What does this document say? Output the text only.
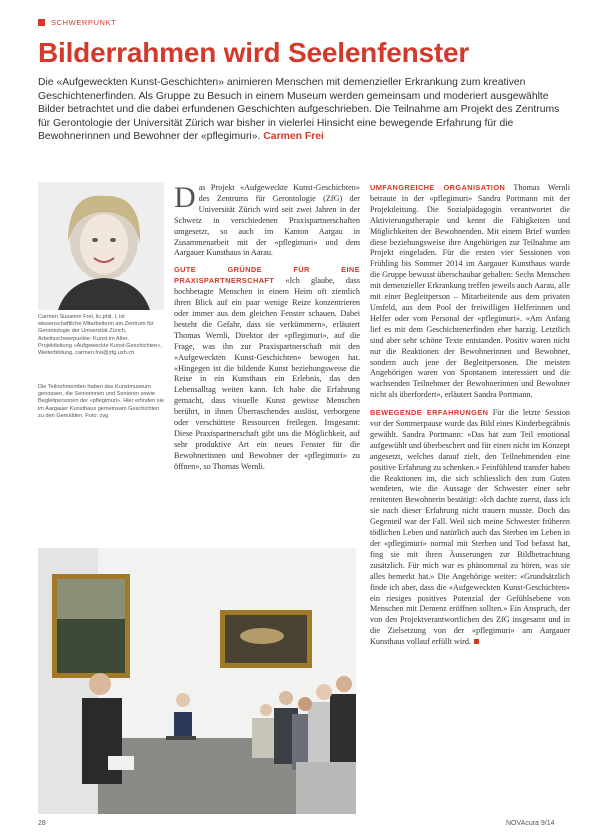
SCHWERPUNKT
Bilderrahmen wird Seelenfenster

Die «Aufgeweckten Kunst-Geschichten» animieren Menschen mit demenzieller Erkrankung zum kreativen Geschichtenerfinden. Als Gruppe zu Besuch in einem Museum werden gemeinsam und moderiert ausgewählte Bilder betrachtet und die dabei erfundenen Geschichten aufgeschrieben. Die Teilnahme am Projekt des Zentrums für Gerontologie der Universität Zürich war bisher in vielerlei Hinsicht eine bewegende Erfahrung für die Bewohnerinnen und Bewohner der «pflegimuri». Carmen Frei

Carmen Susanne Frei, lic.phil. I, ist wissenschaftliche Mitarbeiterin am Zentrum für Gerontologie der Universität Zürich, Arbeitsschwerpunkte: Kunst im Alter, Projektleitung «Aufgeweckte Kunst-Geschichten», Weiterbildung. carmen.frei@zfg.uzh.ch

Die Teilnehmenden haben das Kunstmuseum genossen, die Seniorinnen und Senioren sowie Begleitpersonen der «pflegimuri». Hier erfinden sie im Aargauer Kunsthaus gemeinsam Geschichten zu den Gemälden. Foto: zvg

Das Projekt «Aufgeweckte Kunst-Geschichten» des Zentrums für Gerontologie (ZfG) der Universität Zürich wird seit zwei Jahren in der Schweiz in verschiedenen Praxispartnerschaften umgesetzt, so auch im Kanton Aargau in Zusammenarbeit mit der «pflegimuri» und dem Aargauer Kunsthaus in Aarau.

GUTE GRÜNDE FÜR EINE PRAXISPARTNERSCHAFT «Ich glaube, dass hochbetagte Menschen in einem Heim oft ziemlich ihren Blick auf ein paar wenige Reize konzentrieren oder immer aus dem gleichen Fenster schauen. Dabei besteht die Gefahr, dass sie verkümmern», erläutert Thomas Wernli, Direktor der «pflegimuri», auf die Frage, was ihn zur Praxispartnerschaft mit den «Aufgeweckten Kunst-Geschichten» bewogen hat. «Hingegen ist die bildende Kunst beziehungsweise die Reise in ein Kunsthaus ein Erlebnis, das den Lebensalltag weiten kann. Ich habe die Erfahrung gemacht, dass visuelle Kunst gewisse Menschen berührt, in ihnen Überraschendes auslöst, verborgene oder verschüttete Ressourcen freilegen. Insgesamt: Diese Praxispartnerschaft gibt uns die Möglichkeit, auf sehr produktive Art ein neues Fenster für die Bewohnerinnen und Bewohner der «pflegimuri» zu öffnen», so Thomas Wernli.

UMFANGREICHE ORGANISATION Thomas Wernli betraute in der «pflegimuri» Sandra Portmann mit der Projektleitung. Die Sozialpädagogin verantwortet die Aktivierungstherapie und kennt die Fähigkeiten und Möglichkeiten der Bewohnenden. Mit einem Brief wurden diese beziehungsweise ihre Angehörigen zur Teilnahme am Projekt eingeladen. Für die ersten vier Sessionen von Frühling bis Sommer 2014 im Aargauer Kunsthaus wurde die Gruppe bewusst überschaubar gehalten: Sechs Menschen mit demenzieller Erkrankung treffen jeweils auch Aarau, alle mit einer Begleitperson – Mitarbeitende aus dem privaten Umfeld, aus dem Pool der freiwilligen Helferinnen und Helfer oder vom Personal der «pflegimuri». «Am Anfang lief es mit dem Geschichtenerfinden eher harzig. Letztlich sind aber sehr schöne Texte entstanden. Positiv waren nicht nur die Reaktionen der Bewohnerinnen und Bewohner, sondern auch jene der Begleitpersonen. Die meisten Angehörigen waren von Spontanem interessiert und die wachsenden Teilnehmer der Bewohnerinnen und Bewohner nicht als überfordert», erläutert Sandra Portmann.

BEWEGENDE ERFAHRUNGEN Für die letzte Session vor der Sommerpause wurde das Bild eines Kinderbegräbnis gewählt. Sandra Portmann: «Das hat zum Teil emotional aufgewühlt und überbeschert und für einen nicht im Konzept angesetzt, welches darauf zielt, den Teilnehmenden eine positive Erfahrung zu schenken.» Feinfühlend transfer haben die Reaktionen im, die sich schliesslich den zum Guten wendeten, wie die Aussage der Schwester einer sehr renitenten Bewohnerin bestätigt: «Ich dachte zuerst, dass ich sie nach dieser Erfahrung nicht trauern musste. Doch das Gegenteil war der Fall. Weil sich meine Schwester früheren tödlichen Leben und natürlich auch das Sterben im Leben in der «pflegimuri» normal mit Sterben und Tod befasst hat, fing sie mit ihren Äusserungen zur Bildbetrachtung zusätzlich. Für mich war es phänomenal zu hören, was sie alles bemerkt hat.» Die Angehörige weiter: «Grundsätzlich finde ich aber, dass die «Aufgeweckten Kunst-Geschichten» ein riesiges positives Potenzial der Gefühlsebene von Menschen mit Demenz eröffnen sollten.» Ein Anspruch, der von den Projektverantwortlichen des ZfG insgesamt und in die Zielsetzung von der «pflegimuri» am Aargauer Kunsthaus vollauf erfüllt wird.

28	NOVAcura 9/14
